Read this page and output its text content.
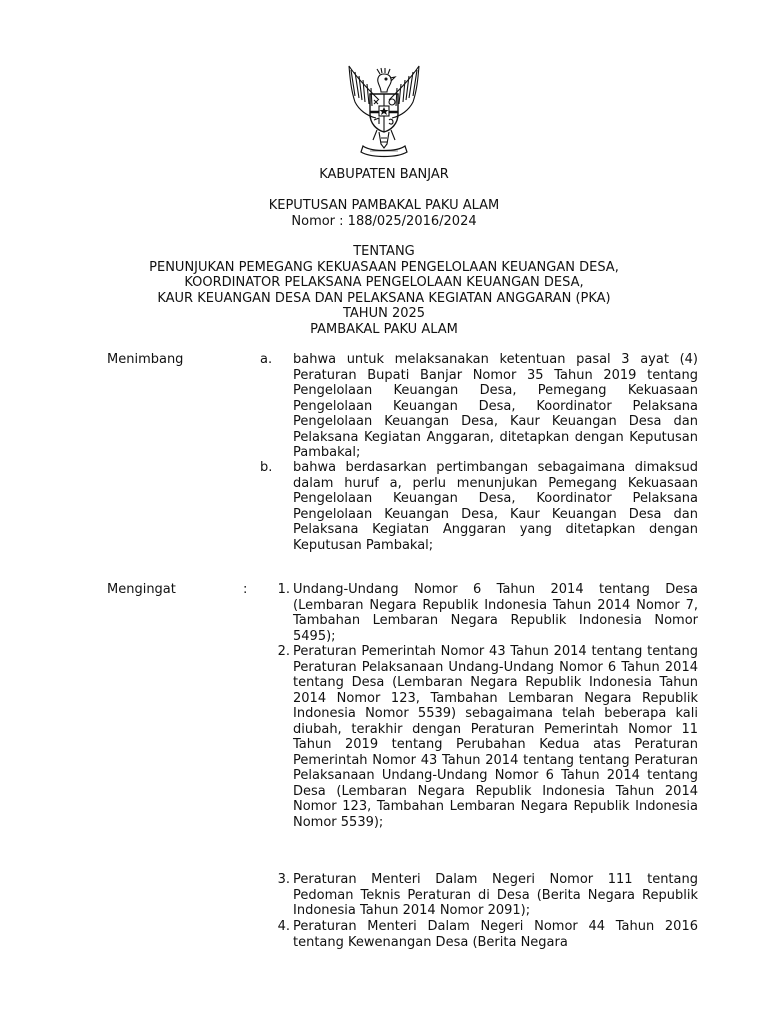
KABUPATEN BANJAR
KEPUTUSAN PAMBAKAL PAKU ALAM
Nomor : 188/025/2016/2024
TENTANG
PENUNJUKAN PEMEGANG KEKUASAAN PENGELOLAAN KEUANGAN DESA,
KOORDINATOR PELAKSANA PENGELOLAAN KEUANGAN DESA,
KAUR KEUANGAN DESA DAN PELAKSANA KEGIATAN ANGGARAN (PKA)
TAHUN 2025
PAMBAKAL PAKU ALAM
Menimbang	a.	bahwa untuk melaksanakan ketentuan pasal 3 ayat (4) Peraturan Bupati Banjar Nomor 35 Tahun 2019 tentang Pengelolaan Keuangan Desa, Pemegang Kekuasaan Pengelolaan Keuangan Desa, Koordinator Pelaksana Pengelolaan Keuangan Desa, Kaur Keuangan Desa dan Pelaksana Kegiatan Anggaran, ditetapkan dengan Keputusan Pambakal;
b.	bahwa berdasarkan pertimbangan sebagaimana dimaksud dalam huruf a, perlu menunjukan Pemegang Kekuasaan Pengelolaan Keuangan Desa, Koordinator Pelaksana Pengelolaan Keuangan Desa, Kaur Keuangan Desa dan Pelaksana Kegiatan Anggaran yang ditetapkan dengan Keputusan Pambakal;
Mengingat	:	1. Undang-Undang Nomor 6 Tahun 2014 tentang Desa (Lembaran Negara Republik Indonesia Tahun 2014 Nomor 7, Tambahan Lembaran Negara Republik Indonesia Nomor 5495);
2. Peraturan Pemerintah Nomor 43 Tahun 2014 tentang tentang Peraturan Pelaksanaan Undang-Undang Nomor 6 Tahun 2014 tentang Desa (Lembaran Negara Republik Indonesia Tahun 2014 Nomor 123, Tambahan Lembaran Negara Republik Indonesia Nomor 5539) sebagaimana telah beberapa kali diubah, terakhir dengan Peraturan Pemerintah Nomor 11 Tahun 2019 tentang Perubahan Kedua atas Peraturan Pemerintah Nomor 43 Tahun 2014 tentang tentang Peraturan Pelaksanaan Undang-Undang Nomor 6 Tahun 2014 tentang Desa (Lembaran Negara Republik Indonesia Tahun 2014 Nomor 123, Tambahan Lembaran Negara Republik Indonesia Nomor 5539);
3. Peraturan Menteri Dalam Negeri Nomor 111 tentang Pedoman Teknis Peraturan di Desa (Berita Negara Republik Indonesia Tahun 2014 Nomor 2091);
4. Peraturan Menteri Dalam Negeri Nomor 44 Tahun 2016 tentang Kewenangan Desa (Berita Negara
